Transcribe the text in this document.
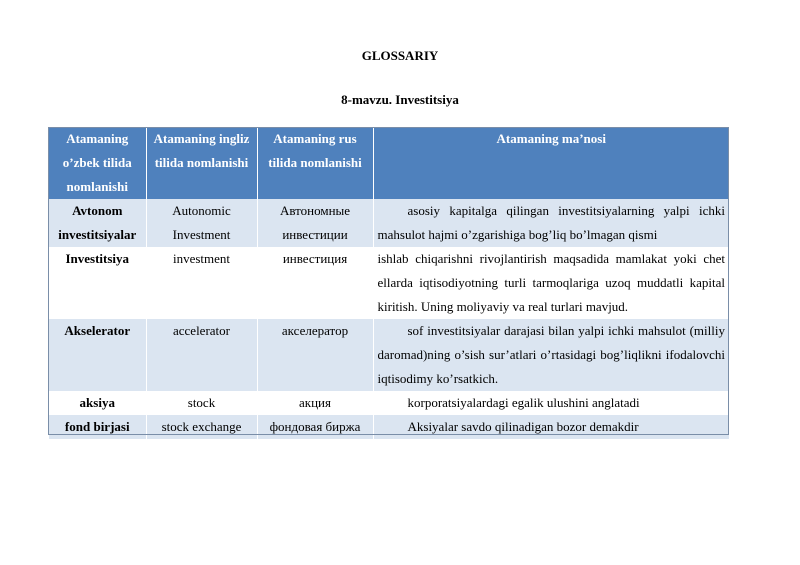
GLOSSARIY
8-mavzu. Investitsiya
Atamaning o’zbek tilida nomlanishi	Atamaning ingliz tilida nomlanishi	Atamaning rus tilida nomlanishi	Atamaning ma’nosi
Avtonom investitsiyalar	Autonomic Investment	Автономные инвестиции	asosiy kapitalga qilingan investitsiyalarning yalpi ichki mahsulot hajmi o’zgarishiga bog’liq bo’lmagan qismi
Investitsiya	investment	инвестиция	ishlab chiqarishni rivojlantirish maqsadida mamlakat yoki chet ellarda iqtisodiyotning turli tarmoqlariga uzoq muddatli kapital kiritish. Uning moliyaviy va real turlari mavjud.
Akselerator	accelerator	акселератор	sof investitsiyalar darajasi bilan yalpi ichki mahsulot (milliy daromad)ning o’sish sur’atlari o’rtasidagi bog’liqlikni ifodalovchi iqtisodimy ko’rsatkich.
aksiya	stock	акция	korporatsiyalardagi egalik ulushini anglatadi
fond birjasi	stock exchange	фондовая биржа	Aksiyalar savdo qilinadigan bozor demakdir
